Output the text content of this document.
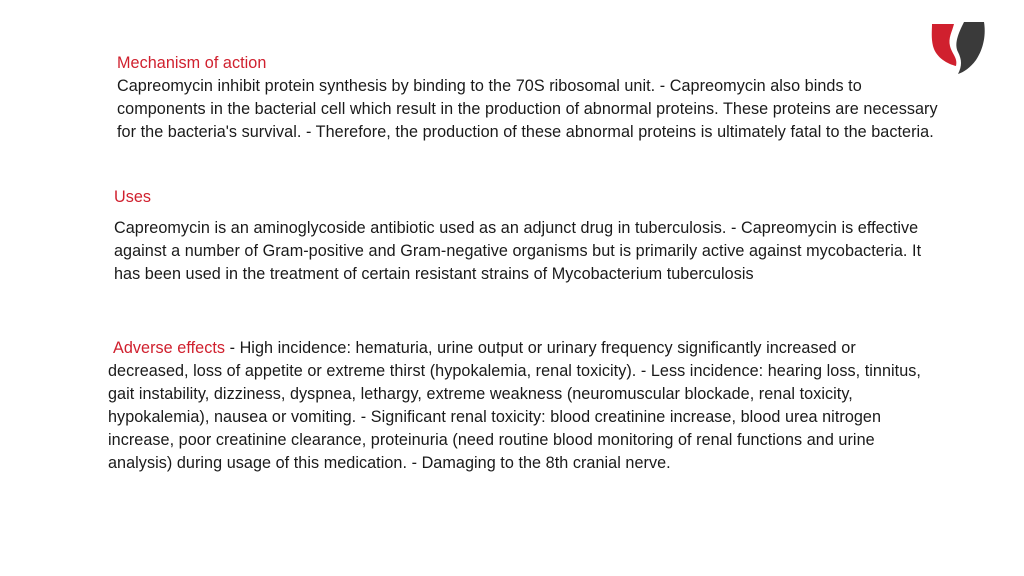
Mechanism of action
Capreomycin inhibit protein synthesis by binding to the 70S ribosomal unit. - Capreomycin also binds to components in the bacterial cell which result in the production of abnormal proteins. These proteins are necessary for the bacteria's survival. - Therefore, the production of these abnormal proteins is ultimately fatal to the bacteria.
Uses
Capreomycin is an aminoglycoside antibiotic used as an adjunct drug in tuberculosis. - Capreomycin is effective against a number of Gram-positive and Gram-negative organisms but is primarily active against mycobacteria. It has been used in the treatment of certain resistant strains of Mycobacterium tuberculosis
Adverse effects - High incidence: hematuria, urine output or urinary frequency significantly increased or decreased, loss of appetite or extreme thirst (hypokalemia, renal toxicity). - Less incidence: hearing loss, tinnitus, gait instability, dizziness, dyspnea, lethargy, extreme weakness (neuromuscular blockade, renal toxicity, hypokalemia), nausea or vomiting. - Significant renal toxicity: blood creatinine increase, blood urea nitrogen increase, poor creatinine clearance, proteinuria (need routine blood monitoring of renal functions and urine analysis) during usage of this medication. - Damaging to the 8th cranial nerve.
